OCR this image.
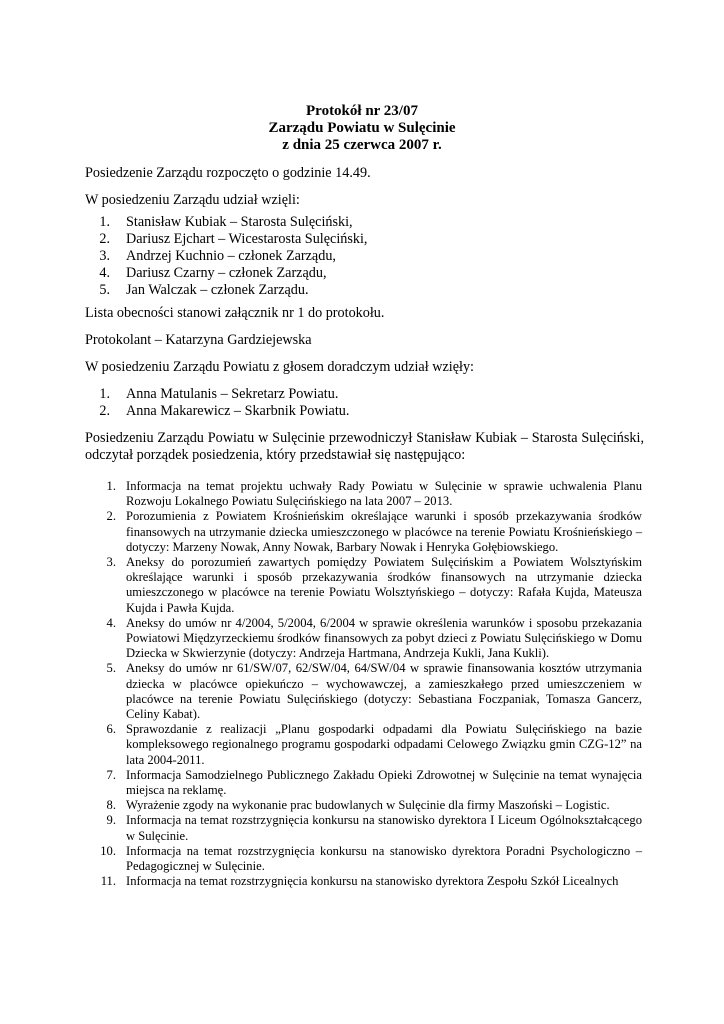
Protokół nr 23/07
Zarządu Powiatu w Sulęcinie
z dnia 25 czerwca 2007 r.
Posiedzenie Zarządu rozpoczęto o godzinie 14.49.
W posiedzeniu Zarządu udział wzięli:
1. Stanisław Kubiak – Starosta Sulęciński,
2. Dariusz Ejchart – Wicestarosta Sulęciński,
3. Andrzej Kuchnio – członek Zarządu,
4. Dariusz Czarny – członek Zarządu,
5. Jan Walczak – członek Zarządu.
Lista obecności stanowi załącznik nr 1 do protokołu.
Protokolant – Katarzyna Gardziejewska
W posiedzeniu Zarządu Powiatu z głosem doradczym udział wzięły:
1. Anna Matulanis – Sekretarz Powiatu.
2. Anna Makarewicz – Skarbnik Powiatu.
Posiedzeniu Zarządu Powiatu w Sulęcinie przewodniczył Stanisław Kubiak – Starosta Sulęciński, odczytał porządek posiedzenia, który przedstawiał się następująco:
1. Informacja na temat projektu uchwały Rady Powiatu w Sulęcinie w sprawie uchwalenia Planu Rozwoju Lokalnego Powiatu Sulęcińskiego na lata 2007 – 2013.
2. Porozumienia z Powiatem Krośnieńskim określające warunki i sposób przekazywania środków finansowych na utrzymanie dziecka umieszczonego w placówce na terenie Powiatu Krośnieńskiego – dotyczy: Marzeny Nowak, Anny Nowak, Barbary Nowak i Henryka Gołębiowskiego.
3. Aneksy do porozumień zawartych pomiędzy Powiatem Sulęcińskim a Powiatem Wolsztyńskim określające warunki i sposób przekazywania środków finansowych na utrzymanie dziecka umieszczonego w placówce na terenie Powiatu Wolsztyńskiego – dotyczy: Rafała Kujda, Mateusza Kujda i Pawła Kujda.
4. Aneksy do umów nr 4/2004, 5/2004, 6/2004 w sprawie określenia warunków i sposobu przekazania Powiatowi Międzyrzeckiemu środków finansowych za pobyt dzieci z Powiatu Sulęcińskiego w Domu Dziecka w Skwierzynie (dotyczy: Andrzeja Hartmana, Andrzeja Kukli, Jana Kukli).
5. Aneksy do umów nr 61/SW/07, 62/SW/04, 64/SW/04 w sprawie finansowania kosztów utrzymania dziecka w placówce opiekuńczo – wychowawczej, a zamieszkałego przed umieszczeniem w placówce na terenie Powiatu Sulęcińskiego (dotyczy: Sebastiana Foczpaniak, Tomasza Gancerz, Celiny Kabat).
6. Sprawozdanie z realizacji „Planu gospodarki odpadami dla Powiatu Sulęcińskiego na bazie kompleksowego regionalnego programu gospodarki odpadami Celowego Związku gmin CZG-12” na lata 2004-2011.
7. Informacja Samodzielnego Publicznego Zakładu Opieki Zdrowotnej w Sulęcinie na temat wynajęcia miejsca na reklamę.
8. Wyrażenie zgody na wykonanie prac budowlanych w Sulęcinie dla firmy Maszoński – Logistic.
9. Informacja na temat rozstrzygnięcia konkursu na stanowisko dyrektora I Liceum Ogólnokształcącego w Sulęcinie.
10. Informacja na temat rozstrzygnięcia konkursu na stanowisko dyrektora Poradni Psychologiczno – Pedagogicznej w Sulęcinie.
11. Informacja na temat rozstrzygnięcia konkursu na stanowisko dyrektora Zespołu Szkół Licealnych
